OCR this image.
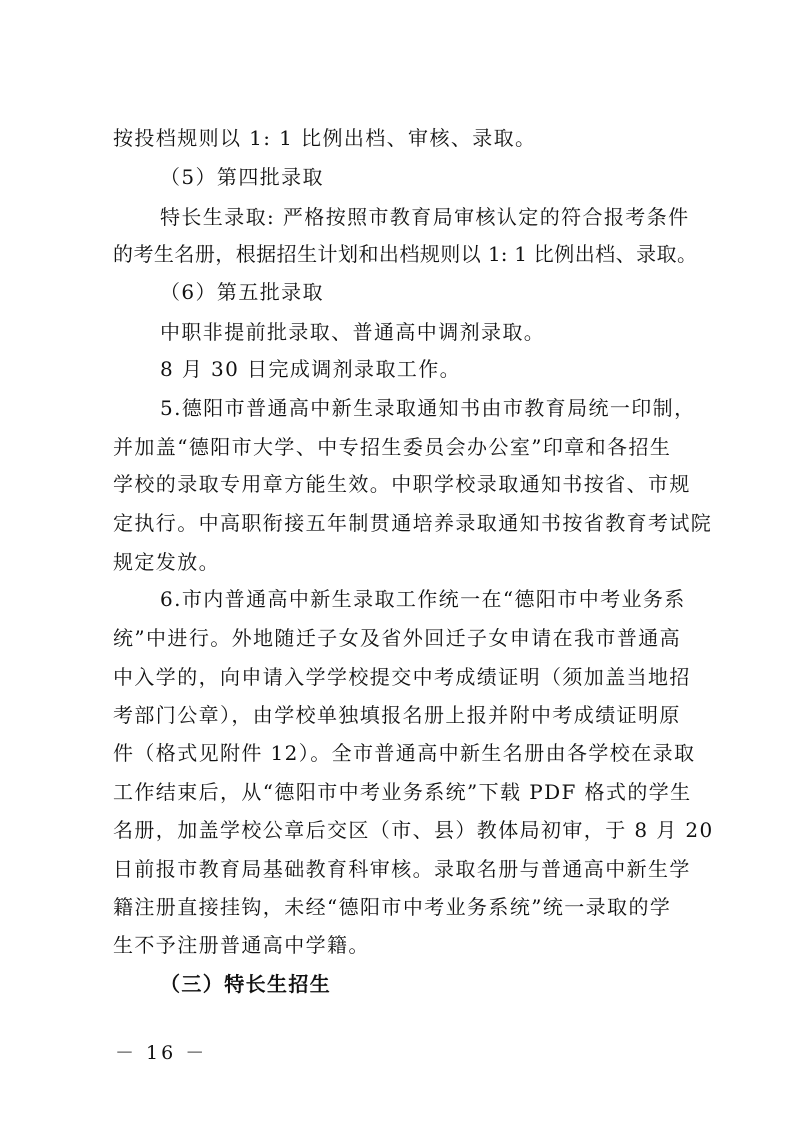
按投档规则以 1: 1 比例出档、审核、录取。
（5）第四批录取
特长生录取: 严格按照市教育局审核认定的符合报考条件
的考生名册，根据招生计划和出档规则以 1: 1 比例出档、录取。
（6）第五批录取
中职非提前批录取、普通高中调剂录取。
8 月 30 日完成调剂录取工作。
5.德阳市普通高中新生录取通知书由市教育局统一印制，
并加盖“德阳市大学、中专招生委员会办公室”印章和各招生
学校的录取专用章方能生效。中职学校录取通知书按省、市规
定执行。中高职衔接五年制贯通培养录取通知书按省教育考试院
规定发放。
6.市内普通高中新生录取工作统一在“德阳市中考业务系
统”中进行。外地随迁子女及省外回迁子女申请在我市普通高
中入学的，向申请入学学校提交中考成绩证明（须加盖当地招
考部门公章），由学校单独填报名册上报并附中考成绩证明原
件（格式见附件 12）。全市普通高中新生名册由各学校在录取
工作结束后，从“德阳市中考业务系统”下载 PDF 格式的学生
名册，加盖学校公章后交区（市、县）教体局初审，于 8 月 20
日前报市教育局基础教育科审核。录取名册与普通高中新生学
籍注册直接挂钩，未经“德阳市中考业务系统”统一录取的学
生不予注册普通高中学籍。
（三）特长生招生
－ 16 －
